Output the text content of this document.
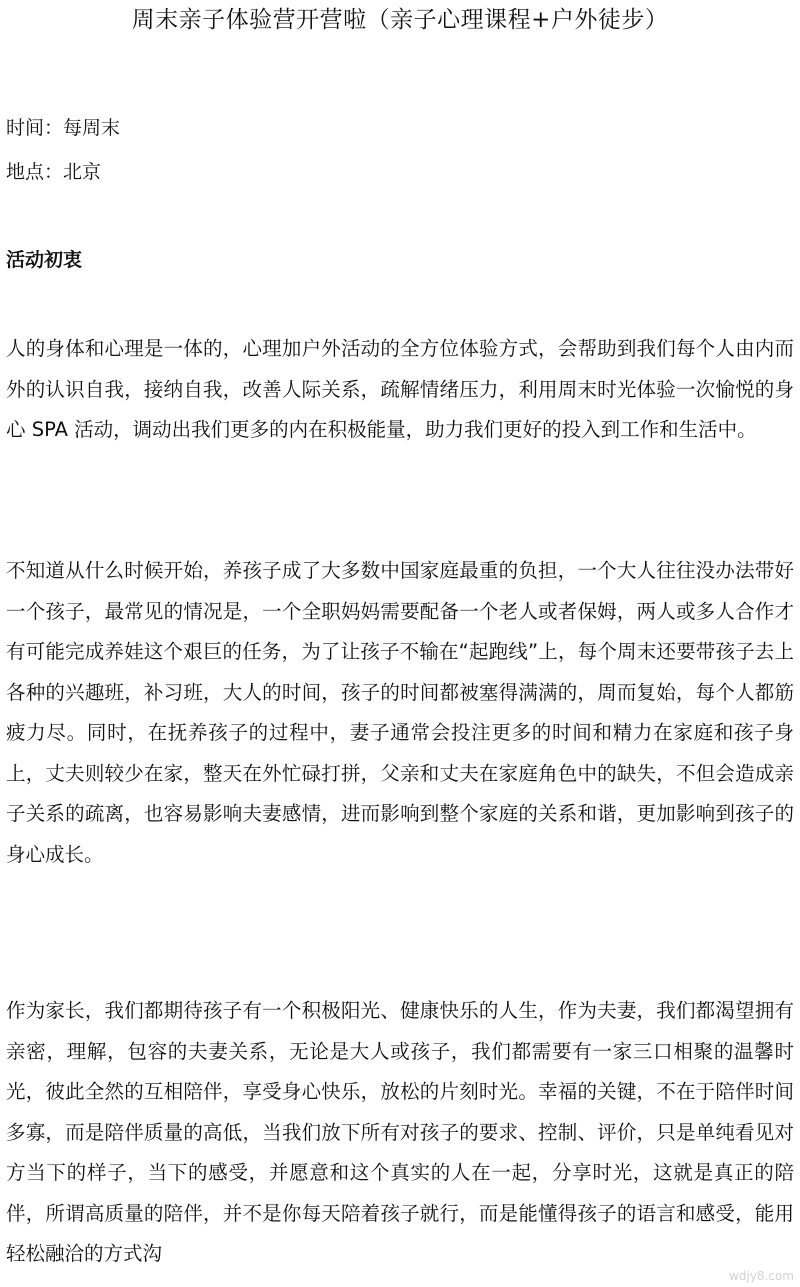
周末亲子体验营开营啦（亲子心理课程+户外徒步）

时间：每周末

地点：北京

活动初衷

人的身体和心理是一体的，心理加户外活动的全方位体验方式，会帮助到我们每个人由内而外的认识自我，接纳自我，改善人际关系，疏解情绪压力，利用周末时光体验一次愉悦的身心 SPA 活动，调动出我们更多的内在积极能量，助力我们更好的投入到工作和生活中。

不知道从什么时候开始，养孩子成了大多数中国家庭最重的负担，一个大人往往没办法带好一个孩子，最常见的情况是，一个全职妈妈需要配备一个老人或者保姆，两人或多人合作才有可能完成养娃这个艰巨的任务，为了让孩子不输在“起跑线”上，每个周末还要带孩子去上各种的兴趣班，补习班，大人的时间，孩子的时间都被塞得满满的，周而复始，每个人都筋疲力尽。同时，在抚养孩子的过程中，妻子通常会投注更多的时间和精力在家庭和孩子身上，丈夫则较少在家，整天在外忙碌打拼，父亲和丈夫在家庭角色中的缺失，不但会造成亲子关系的疏离，也容易影响夫妻感情，进而影响到整个家庭的关系和谐，更加影响到孩子的身心成长。

作为家长，我们都期待孩子有一个积极阳光、健康快乐的人生，作为夫妻，我们都渴望拥有亲密，理解，包容的夫妻关系，无论是大人或孩子，我们都需要有一家三口相聚的温馨时光，彼此全然的互相陪伴，享受身心快乐，放松的片刻时光。幸福的关键，不在于陪伴时间多寡，而是陪伴质量的高低，当我们放下所有对孩子的要求、控制、评价，只是单纯看见对方当下的样子，当下的感受，并愿意和这个真实的人在一起，分享时光，这就是真正的陪伴，所谓高质量的陪伴，并不是你每天陪着孩子就行，而是能懂得孩子的语言和感受，能用轻松融洽的方式沟

wdjy8.com
